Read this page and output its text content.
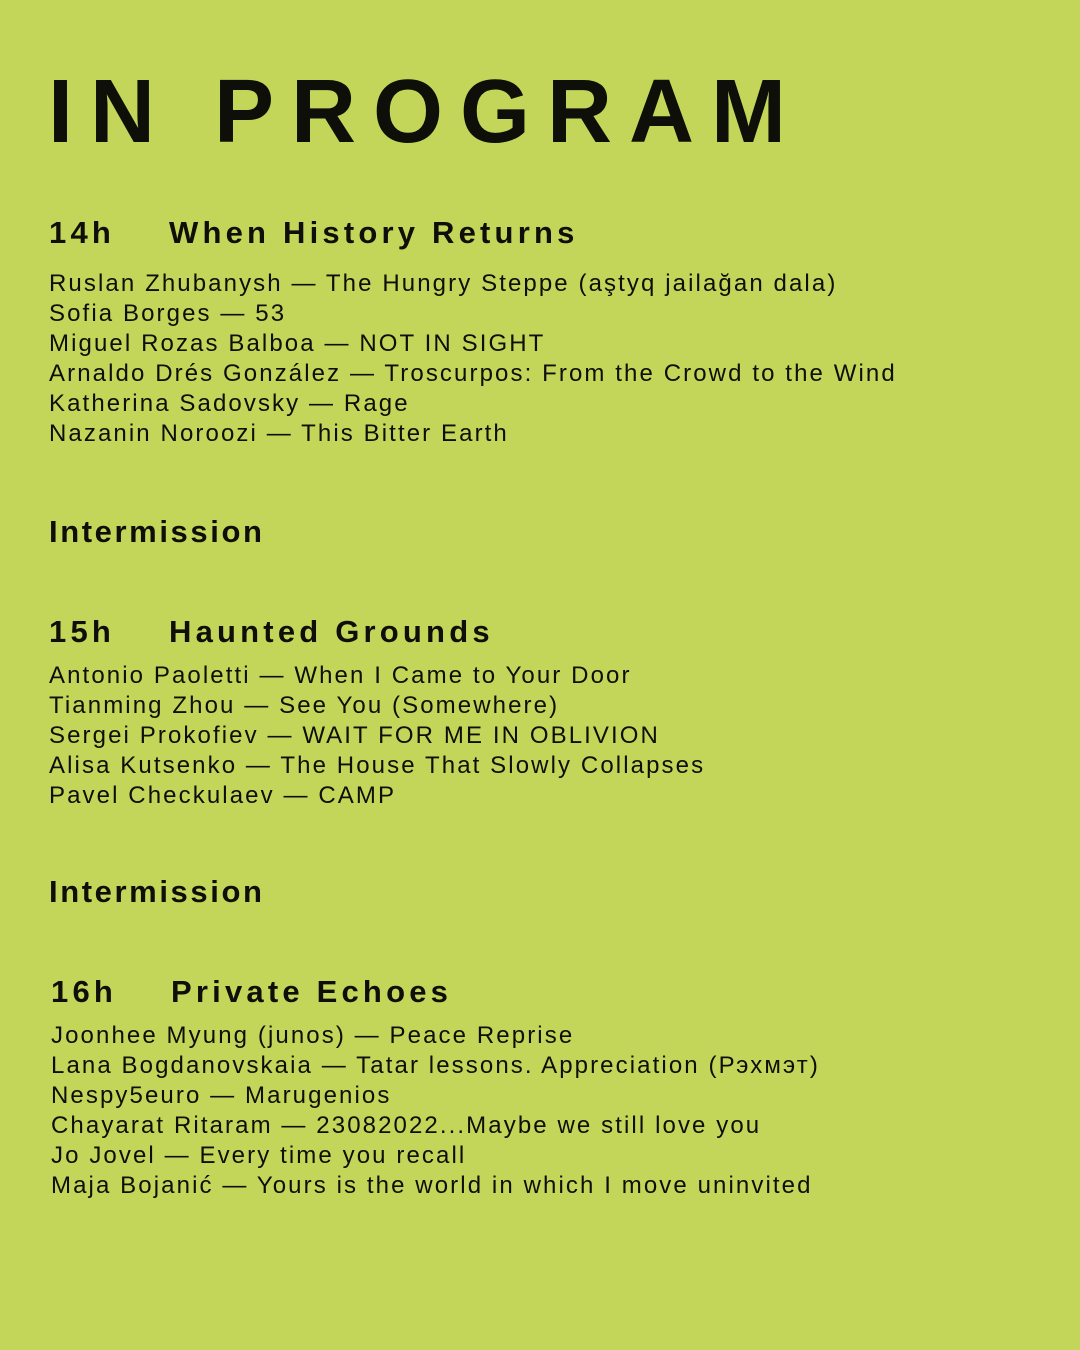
IN PROGRAM
14h When History Returns
Ruslan Zhubanysh — The Hungry Steppe (aştyq jailağan dala)
Sofia Borges — 53
Miguel Rozas Balboa — NOT IN SIGHT
Arnaldo Drés González — Troscurpos: From the Crowd to the Wind
Katherina Sadovsky — Rage
Nazanin Noroozi — This Bitter Earth
Intermission
15h Haunted Grounds
Antonio Paoletti — When I Came to Your Door
Tianming Zhou — See You (Somewhere)
Sergei Prokofiev — WAIT FOR ME IN OBLIVION
Alisa Kutsenko — The House That Slowly Collapses
Pavel Checkulaev — CAMP
Intermission
16h Private Echoes
Joonhee Myung (junos) — Peace Reprise
Lana Bogdanovskaia — Tatar lessons. Appreciation (Рэхмэт)
Nespy5euro — Marugenios
Chayarat Ritaram — 23082022...Maybe we still love you
Jo Jovel — Every time you recall
Maja Bojanić — Yours is the world in which I move uninvited
